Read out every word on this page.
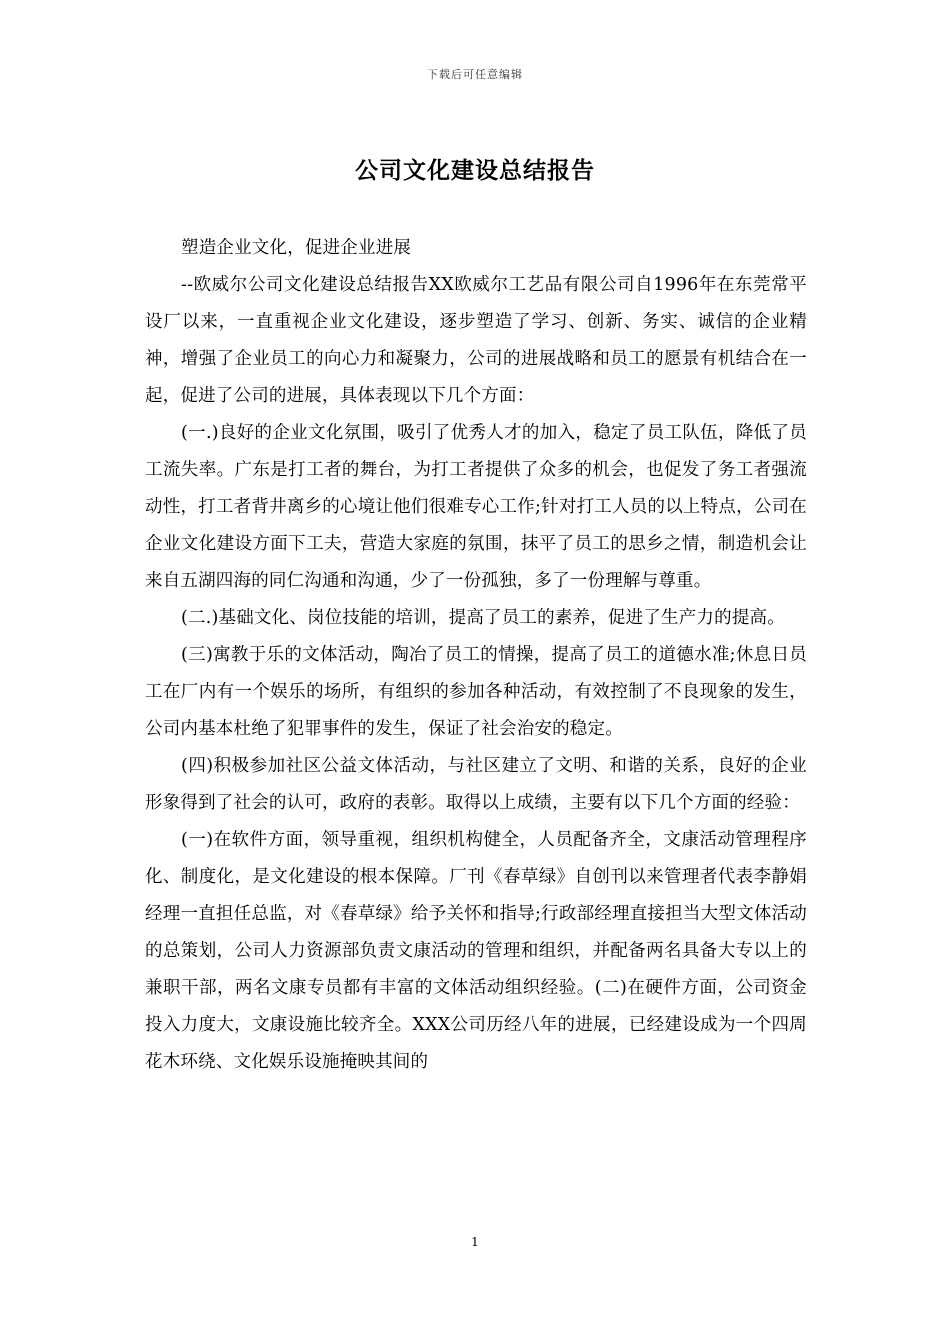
下载后可任意编辑
公司文化建设总结报告

塑造企业文化，促进企业进展

--欧威尔公司文化建设总结报告XX欧威尔工艺品有限公司自1996年在东莞常平设厂以来，一直重视企业文化建设，逐步塑造了学习、创新、务实、诚信的企业精神，增强了企业员工的向心力和凝聚力，公司的进展战略和员工的愿景有机结合在一起，促进了公司的进展，具体表现以下几个方面：

(一.)良好的企业文化氛围，吸引了优秀人才的加入，稳定了员工队伍，降低了员工流失率。广东是打工者的舞台，为打工者提供了众多的机会，也促发了务工者强流动性，打工者背井离乡的心境让他们很难专心工作;针对打工人员的以上特点，公司在企业文化建设方面下工夫，营造大家庭的氛围，抹平了员工的思乡之情，制造机会让来自五湖四海的同仁沟通和沟通，少了一份孤独，多了一份理解与尊重。

(二.)基础文化、岗位技能的培训，提高了员工的素养，促进了生产力的提高。

(三)寓教于乐的文体活动，陶冶了员工的情操，提高了员工的道德水准;休息日员工在厂内有一个娱乐的场所，有组织的参加各种活动，有效控制了不良现象的发生，公司内基本杜绝了犯罪事件的发生，保证了社会治安的稳定。

(四)积极参加社区公益文体活动，与社区建立了文明、和谐的关系，良好的企业形象得到了社会的认可，政府的表彰。取得以上成绩，主要有以下几个方面的经验：

(一)在软件方面，领导重视，组织机构健全，人员配备齐全，文康活动管理程序化、制度化，是文化建设的根本保障。厂刊《春草绿》自创刊以来管理者代表李静娟经理一直担任总监，对《春草绿》给予关怀和指导;行政部经理直接担当大型文体活动的总策划，公司人力资源部负责文康活动的管理和组织，并配备两名具备大专以上的兼职干部，两名文康专员都有丰富的文体活动组织经验。(二)在硬件方面，公司资金投入力度大，文康设施比较齐全。XXX公司历经八年的进展，已经建设成为一个四周花木环绕、文化娱乐设施掩映其间的

1
